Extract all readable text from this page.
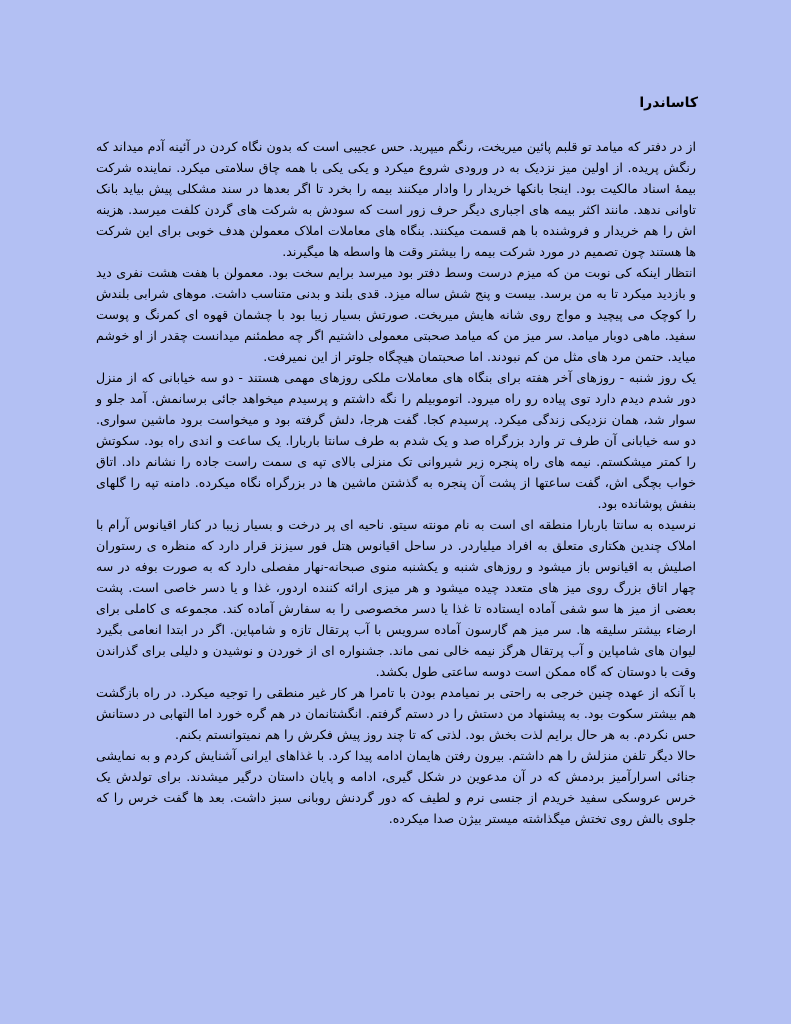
کاساندرا

از در دفتر که میامد تو قلبم پائین میریخت، رنگم میپرید. حس عجیبی است که بدون نگاه کردن در آئینه آدم میداند که رنگش پریده. از اولین میز نزدیک به در ورودی شروع میکرد و یکی یکی با همه چاق سلامتی میکرد. نماینده شرکت بیمهٔ اسناد مالکیت بود. اینجا بانکها خریدار را وادار میکنند بیمه را بخرد تا اگر بعدها در سند مشکلی پیش بیاید بانک تاوانی ندهد. مانند اکثر بیمه های اجباری دیگر حرف زور است که سودش به شرکت های گردن کلفت میرسد. هزینه اش را هم خریدار و فروشنده با هم قسمت میکنند. بنگاه های معاملات املاک معمولن هدف خوبی برای این شرکت ها هستند چون تصمیم در مورد شرکت بیمه را بیشتر وقت ها واسطه ها میگیرند.

انتظار اینکه کی نوبت من که میزم درست وسط دفتر بود میرسد برایم سخت بود. معمولن با هفت هشت نفری دید و بازدید میکرد تا به من برسد. بیست و پنج شش ساله میزد. قدی بلند و بدنی متناسب داشت. موهای شرابی بلندش را کوچک می پیچید و مواج روی شانه هایش میریخت. صورتش بسیار زیبا بود با چشمان قهوه ای کمرنگ و پوست سفید. ماهی دوبار میامد. سر میز من که میامد صحبتی معمولی داشتیم اگر چه مطمئنم میدانست چقدر از او خوشم میاید. حتمن مرد های مثل من کم نبودند. اما صحبتمان هیچگاه جلوتر از این نمیرفت.

یک روز شنبه - روزهای آخر هفته برای بنگاه های معاملات ملکی روزهای مهمی هستند - دو سه خیابانی که از منزل دور شدم دیدم دارد توی پیاده رو راه میرود. اتوموبیلم را نگه داشتم و پرسیدم میخواهد جائی برسانمش. آمد جلو و سوار شد، همان نزدیکی زندگی میکرد. پرسیدم کجا. گفت هرجا، دلش گرفته بود و میخواست برود ماشین سواری. دو سه خیابانی آن طرف تر وارد بزرگراه صد و یک شدم به طرف سانتا باربارا. یک ساعت و اندی راه بود. سکوتش را کمتر میشکستم. نیمه های راه پنجره زیر شیروانی تک منزلی بالای تپه ی سمت راست جاده را نشانم داد. اتاق خواب بچگی اش، گفت ساعتها از پشت آن پنجره به گذشتن ماشین ها در بزرگراه نگاه میکرده. دامنه تپه را گلهای بنفش پوشانده بود.

نرسیده به سانتا باربارا منطقه ای است به نام مونته سیتو. ناحیه ای پر درخت و بسیار زیبا در کنار اقیانوس آرام با املاک چندین هکتاری متعلق به افراد میلیاردر. در ساحل اقیانوس هتل فور سیزنز قرار دارد که منظره ی رستوران اصلیش به اقیانوس باز میشود و روزهای شنبه و یکشنبه منوی صبحانه-نهار مفصلی دارد که به صورت بوفه در سه چهار اتاق بزرگ روی میز های متعدد چیده میشود و هر میزی ارائه کننده اردور، غذا و یا دسر خاصی است. پشت بعضی از میز ها سو شفی آماده ایستاده تا غذا یا دسر مخصوصی را به سفارش آماده کند. مجموعه ی کاملی برای ارضاء بیشتر سلیقه ها. سر میز هم گارسون آماده سرویس با آب پرتقال تازه و شامپاین. اگر در ابتدا انعامی بگیرد لیوان های شامپاین و آب پرتقال هرگز نیمه خالی نمی ماند. جشنواره ای از خوردن و نوشیدن و دلیلی برای گذراندن وقت با دوستان که گاه ممکن است دوسه ساعتی طول بکشد.

با آنکه از عهده چنین خرجی به راحتی بر نمیامدم بودن با تامرا هر کار غیر منطقی را توجیه میکرد. در راه بازگشت هم بیشتر سکوت بود. به پیشنهاد من دستش را در دستم گرفتم. انگشتانمان در هم گره خورد اما التهابی در دستانش حس نکردم. به هر حال برایم لذت بخش بود. لذتی که تا چند روز پیش فکرش را هم نمیتوانستم بکنم.

حالا دیگر تلفن منزلش را هم داشتم. بیرون رفتن هایمان ادامه پیدا کرد. با غذاهای ایرانی آشنایش کردم و به نمایشی جنائی اسرارآمیز بردمش که در آن مدعوین در شکل گیری، ادامه و پایان داستان درگیر میشدند. برای تولدش یک خرس عروسکی سفید خریدم از جنسی نرم و لطیف که دور گردنش روبانی سبز داشت. بعد ها گفت خرس را که جلوی بالش روی تختش میگذاشته میستر بیژن صدا میکرده.
